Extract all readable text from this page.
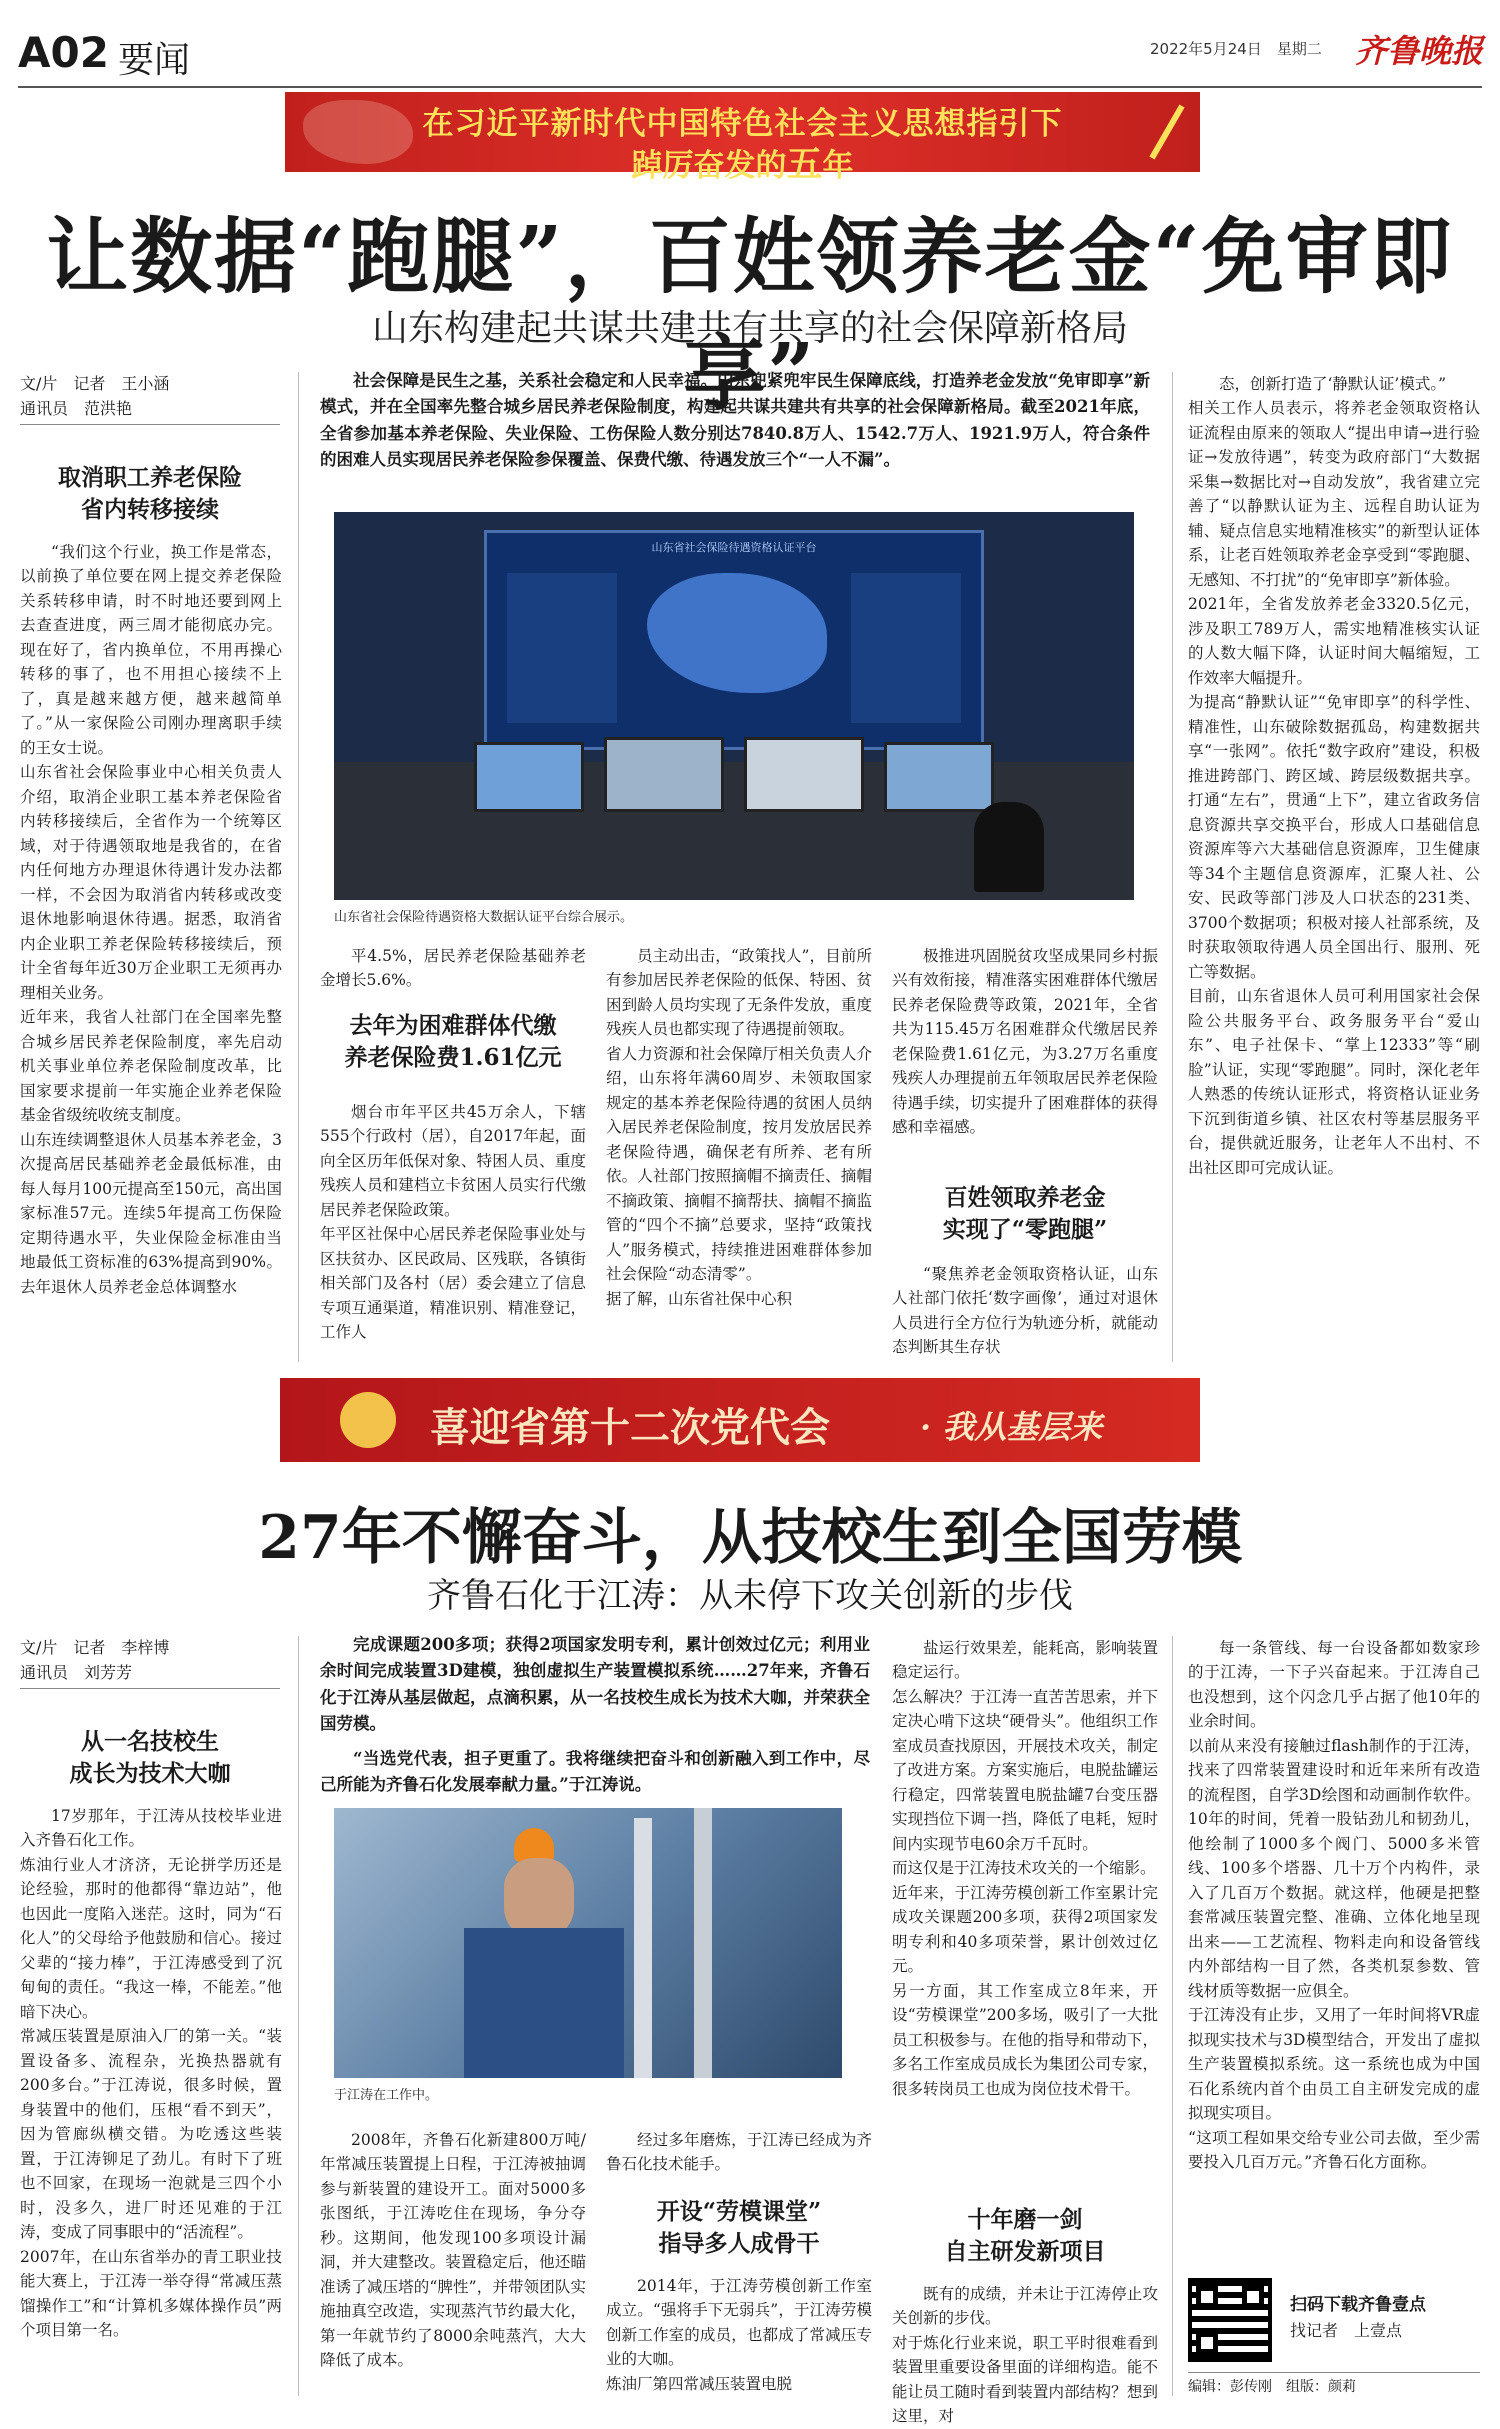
A02 要闻	2022年5月24日　 星期二 齐鲁晚报
在习近平新时代中国特色社会主义思想指引下
踔厉奋发的五年
让数据“跑腿”，百姓领养老金“免审即享”
山东构建起共谋共建共有共享的社会保障新格局
文/片　记者　王小涵
通讯员　范洪艳
取消职工养老保险
省内转移接续
“我们这个行业，换工作是常态，以前换了单位要在网上提交养老保险关系转移申请，时不时地还要到网上去查查进度，两三周才能彻底办完。现在好了，省内换单位，不用再操心转移的事了，也不用担心接续不上了，真是越来越方便，越来越简单了。”从一家保险公司刚办理离职手续的王女士说。
山东省社会保险事业中心相关负责人介绍，取消企业职工基本养老保险省内转移接续后，全省作为一个统筹区域，对于待遇领取地是我省的，在省内任何地方办理退休待遇计发办法都一样，不会因为取消省内转移或改变退休地影响退休待遇。据悉，取消省内企业职工养老保险转移接续后，预计全省每年近30万企业职工无须再办理相关业务。
近年来，我省人社部门在全国率先整合城乡居民养老保险制度，率先启动机关事业单位养老保险制度改革，比国家要求提前一年实施企业养老保险基金省级统收统支制度。
山东连续调整退休人员基本养老金，3次提高居民基础养老金最低标准，由每人每月100元提高至150元，高出国家标准57元。连续5年提高工伤保险定期待遇水平，失业保险金标准由当地最低工资标准的63%提高到90%。去年退休人员养老金总体调整水
社会保障是民生之基，关系社会稳定和人民幸福。山东兜紧兜牢民生保障底线，打造养老金发放“免审即享”新模式，并在全国率先整合城乡居民养老保险制度，构建起共谋共建共有共享的社会保障新格局。截至2021年底，全省参加基本养老保险、失业保险、工伤保险人数分别达7840.8万人、1542.7万人、1921.9万人，符合条件的困难人员实现居民养老保险参保覆盖、保费代缴、待遇发放三个“一人不漏”。
山东省社会保险待遇资格认证平台
山东省社会保险待遇资格大数据认证平台综合展示。
平4.5%，居民养老保险基础养老金增长5.6%。
去年为困难群体代缴
养老保险费1.61亿元
烟台市年平区共45万余人，下辖555个行政村（居），自2017年起，面向全区历年低保对象、特困人员、重度残疾人员和建档立卡贫困人员实行代缴居民养老保险政策。
年平区社保中心居民养老保险事业处与区扶贫办、区民政局、区残联，各镇街相关部门及各村（居）委会建立了信息专项互通渠道，精准识别、精准登记，工作人
员主动出击，“政策找人”，目前所有参加居民养老保险的低保、特困、贫困到龄人员均实现了无条件发放，重度残疾人员也都实现了待遇提前领取。
省人力资源和社会保障厅相关负责人介绍，山东将年满60周岁、未领取国家规定的基本养老保险待遇的贫困人员纳入居民养老保险制度，按月发放居民养老保险待遇，确保老有所养、老有所依。人社部门按照摘帽不摘责任、摘帽不摘政策、摘帽不摘帮扶、摘帽不摘监管的“四个不摘”总要求，坚持“政策找人”服务模式，持续推进困难群体参加社会保险“动态清零”。
据了解，山东省社保中心积
极推进巩固脱贫攻坚成果同乡村振兴有效衔接，精准落实困难群体代缴居民养老保险费等政策，2021年，全省共为115.45万名困难群众代缴居民养老保险费1.61亿元，为3.27万名重度残疾人办理提前五年领取居民养老保险待遇手续，切实提升了困难群体的获得感和幸福感。
百姓领取养老金
实现了“零跑腿”
“聚焦养老金领取资格认证，山东人社部门依托‘数字画像’，通过对退休人员进行全方位行为轨迹分析，就能动态判断其生存状
态，创新打造了‘静默认证’模式。”
相关工作人员表示，将养老金领取资格认证流程由原来的领取人“提出申请→进行验证→发放待遇”，转变为政府部门“大数据采集→数据比对→自动发放”，我省建立完善了“以静默认证为主、远程自助认证为辅、疑点信息实地精准核实”的新型认证体系，让老百姓领取养老金享受到“零跑腿、无感知、不打扰”的“免审即享”新体验。
2021年，全省发放养老金3320.5亿元，涉及职工789万人，需实地精准核实认证的人数大幅下降，认证时间大幅缩短，工作效率大幅提升。
为提高“静默认证”“免审即享”的科学性、精准性，山东破除数据孤岛，构建数据共享“一张网”。依托“数字政府”建设，积极推进跨部门、跨区域、跨层级数据共享。打通“左右”，贯通“上下”，建立省政务信息资源共享交换平台，形成人口基础信息资源库等六大基础信息资源库，卫生健康等34个主题信息资源库，汇聚人社、公安、民政等部门涉及人口状态的231类、3700个数据项；积极对接人社部系统，及时获取领取待遇人员全国出行、服刑、死亡等数据。
目前，山东省退休人员可利用国家社会保险公共服务平台、政务服务平台“爱山东”、电子社保卡、“掌上12333”等“刷脸”认证，实现“零跑腿”。同时，深化老年人熟悉的传统认证形式，将资格认证业务下沉到街道乡镇、社区农村等基层服务平台，提供就近服务，让老年人不出村、不出社区即可完成认证。
喜迎省第十二次党代会	· 我从基层来
27年不懈奋斗，从技校生到全国劳模
齐鲁石化于江涛：从未停下攻关创新的步伐
文/片　记者　李梓博
通讯员　刘芳芳
从一名技校生
成长为技术大咖
17岁那年，于江涛从技校毕业进入齐鲁石化工作。
炼油行业人才济济，无论拼学历还是论经验，那时的他都得“靠边站”，他也因此一度陷入迷茫。这时，同为“石化人”的父母给予他鼓励和信心。接过父辈的“接力棒”，于江涛感受到了沉甸甸的责任。“我这一棒，不能差。”他暗下决心。
常减压装置是原油入厂的第一关。“装置设备多、流程杂，光换热器就有200多台。”于江涛说，很多时候，置身装置中的他们，压根“看不到天”，因为管廊纵横交错。为吃透这些装置，于江涛铆足了劲儿。有时下了班也不回家，在现场一泡就是三四个小时，没多久，进厂时还见难的于江涛，变成了同事眼中的“活流程”。
2007年，在山东省举办的青工职业技能大赛上，于江涛一举夺得“常减压蒸馏操作工”和“计算机多媒体操作员”两个项目第一名。
完成课题200多项；获得2项国家发明专利，累计创效过亿元；利用业余时间完成装置3D建模，独创虚拟生产装置模拟系统……27年来，齐鲁石化于江涛从基层做起，点滴积累，从一名技校生成长为技术大咖，并荣获全国劳模。
“当选党代表，担子更重了。我将继续把奋斗和创新融入到工作中，尽己所能为齐鲁石化发展奉献力量。”于江涛说。
于江涛在工作中。
2008年，齐鲁石化新建800万吨/年常减压装置提上日程，于江涛被抽调参与新装置的建设开工。面对5000多张图纸，于江涛吃住在现场，争分夺秒。这期间，他发现100多项设计漏洞，并大建整改。装置稳定后，他还瞄准诱了减压塔的“脾性”，并带领团队实施抽真空改造，实现蒸汽节约最大化，第一年就节约了8000余吨蒸汽，大大降低了成本。
经过多年磨炼，于江涛已经成为齐鲁石化技术能手。
开设“劳模课堂”
指导多人成骨干
2014年，于江涛劳模创新工作室成立。“强将手下无弱兵”，于江涛劳模创新工作室的成员，也都成了常减压专业的大咖。
炼油厂第四常减压装置电脱
盐运行效果差，能耗高，影响装置稳定运行。
怎么解决？于江涛一直苦苦思索，并下定决心啃下这块“硬骨头”。他组织工作室成员查找原因，开展技术攻关，制定了改进方案。方案实施后，电脱盐罐运行稳定，四常装置电脱盐罐7台变压器实现挡位下调一挡，降低了电耗，短时间内实现节电60余万千瓦时。
而这仅是于江涛技术攻关的一个缩影。
近年来，于江涛劳模创新工作室累计完成攻关课题200多项，获得2项国家发明专利和40多项荣誉，累计创效过亿元。
另一方面，其工作室成立8年来，开设“劳模课堂”200多场，吸引了一大批员工积极参与。在他的指导和带动下，多名工作室成员成长为集团公司专家，很多转岗员工也成为岗位技术骨干。
十年磨一剑
自主研发新项目
既有的成绩，并未让于江涛停止攻关创新的步伐。
对于炼化行业来说，职工平时很难看到装置里重要设备里面的详细构造。能不能让员工随时看到装置内部结构？想到这里，对
每一条管线、每一台设备都如数家珍的于江涛，一下子兴奋起来。于江涛自己也没想到，这个闪念几乎占据了他10年的业余时间。
以前从来没有接触过flash制作的于江涛，找来了四常装置建设时和近年来所有改造的流程图，自学3D绘图和动画制作软件。10年的时间，凭着一股钻劲儿和韧劲儿，他绘制了1000多个阀门、5000多米管线、100多个塔器、几十万个内构件，录入了几百万个数据。就这样，他硬是把整套常减压装置完整、准确、立体化地呈现出来——工艺流程、物料走向和设备管线内外部结构一目了然，各类机泵参数、管线材质等数据一应俱全。
于江涛没有止步，又用了一年时间将VR虚拟现实技术与3D模型结合，开发出了虚拟生产装置模拟系统。这一系统也成为中国石化系统内首个由员工自主研发完成的虚拟现实项目。
“这项工程如果交给专业公司去做，至少需要投入几百万元。”齐鲁石化方面称。
扫码下载齐鲁壹点
找记者　上壹点
编辑：彭传刚　组版：颜莉
